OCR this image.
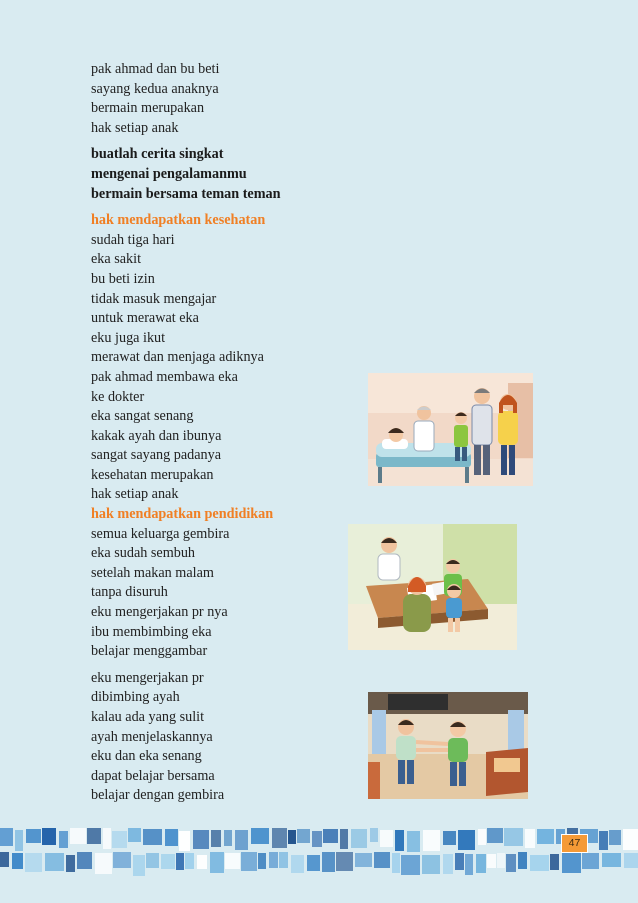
pak ahmad dan bu beti
sayang kedua anaknya
bermain merupakan
hak setiap anak
buatlah cerita singkat
mengenai pengalamanmu
bermain bersama teman teman
hak mendapatkan kesehatan
sudah tiga hari
eka sakit
bu beti izin
tidak masuk mengajar
untuk merawat eka
eku juga ikut
merawat dan menjaga adiknya
pak ahmad membawa eka
ke dokter
eka sangat senang
kakak ayah dan ibunya
sangat sayang padanya
kesehatan merupakan
hak setiap anak
hak mendapatkan pendidikan
semua keluarga gembira
eka sudah sembuh
setelah makan malam
tanpa disuruh
eku mengerjakan pr nya
ibu membimbing eka
belajar menggambar
eku mengerjakan pr
dibimbing ayah
kalau ada yang sulit
ayah menjelaskannya
eku dan eka senang
dapat belajar bersama
belajar dengan gembira
47
